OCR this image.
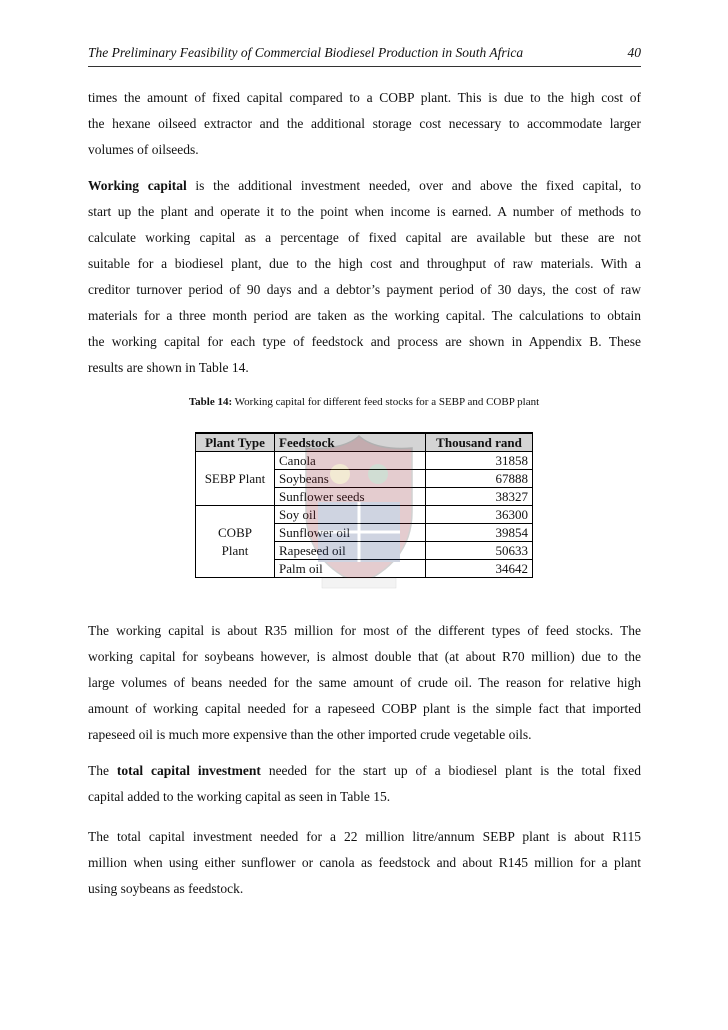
The Preliminary Feasibility of Commercial Biodiesel Production in South Africa	40
times the amount of fixed capital compared to a COBP plant. This is due to the high cost of
the hexane oilseed extractor and the additional storage cost necessary to accommodate larger
volumes of oilseeds.
Working capital is the additional investment needed, over and above the fixed capital, to
start up the plant and operate it to the point when income is earned. A number of methods to
calculate working capital as a percentage of fixed capital are available but these are not
suitable for a biodiesel plant, due to the high cost and throughput of raw materials. With a
creditor turnover period of 90 days and a debtor’s payment period of 30 days, the cost of raw
materials for a three month period are taken as the working capital. The calculations to obtain
the working capital for each type of feedstock and process are shown in Appendix B. These
results are shown in Table 14.
Table 14: Working capital for different feed stocks for a SEBP and COBP plant
Plant Type	Feedstock	Thousand rand
	Canola	31858
SEBP Plant	Soybeans	67888
	Sunflower seeds	38327
	Soy oil	36300
COBP	Sunflower oil	39854
Plant	Rapeseed oil	50633
	Palm oil	34642
The working capital is about R35 million for most of the different types of feed stocks. The
working capital for soybeans however, is almost double that (at about R70 million) due to the
large volumes of beans needed for the same amount of crude oil. The reason for relative high
amount of working capital needed for a rapeseed COBP plant is the simple fact that imported
rapeseed oil is much more expensive than the other imported crude vegetable oils.
The total capital investment needed for the start up of a biodiesel plant is the total fixed
capital added to the working capital as seen in Table 15.
The total capital investment needed for a 22 million litre/annum SEBP plant is about R115
million when using either sunflower or canola as feedstock and about R145 million for a plant
using soybeans as feedstock.
